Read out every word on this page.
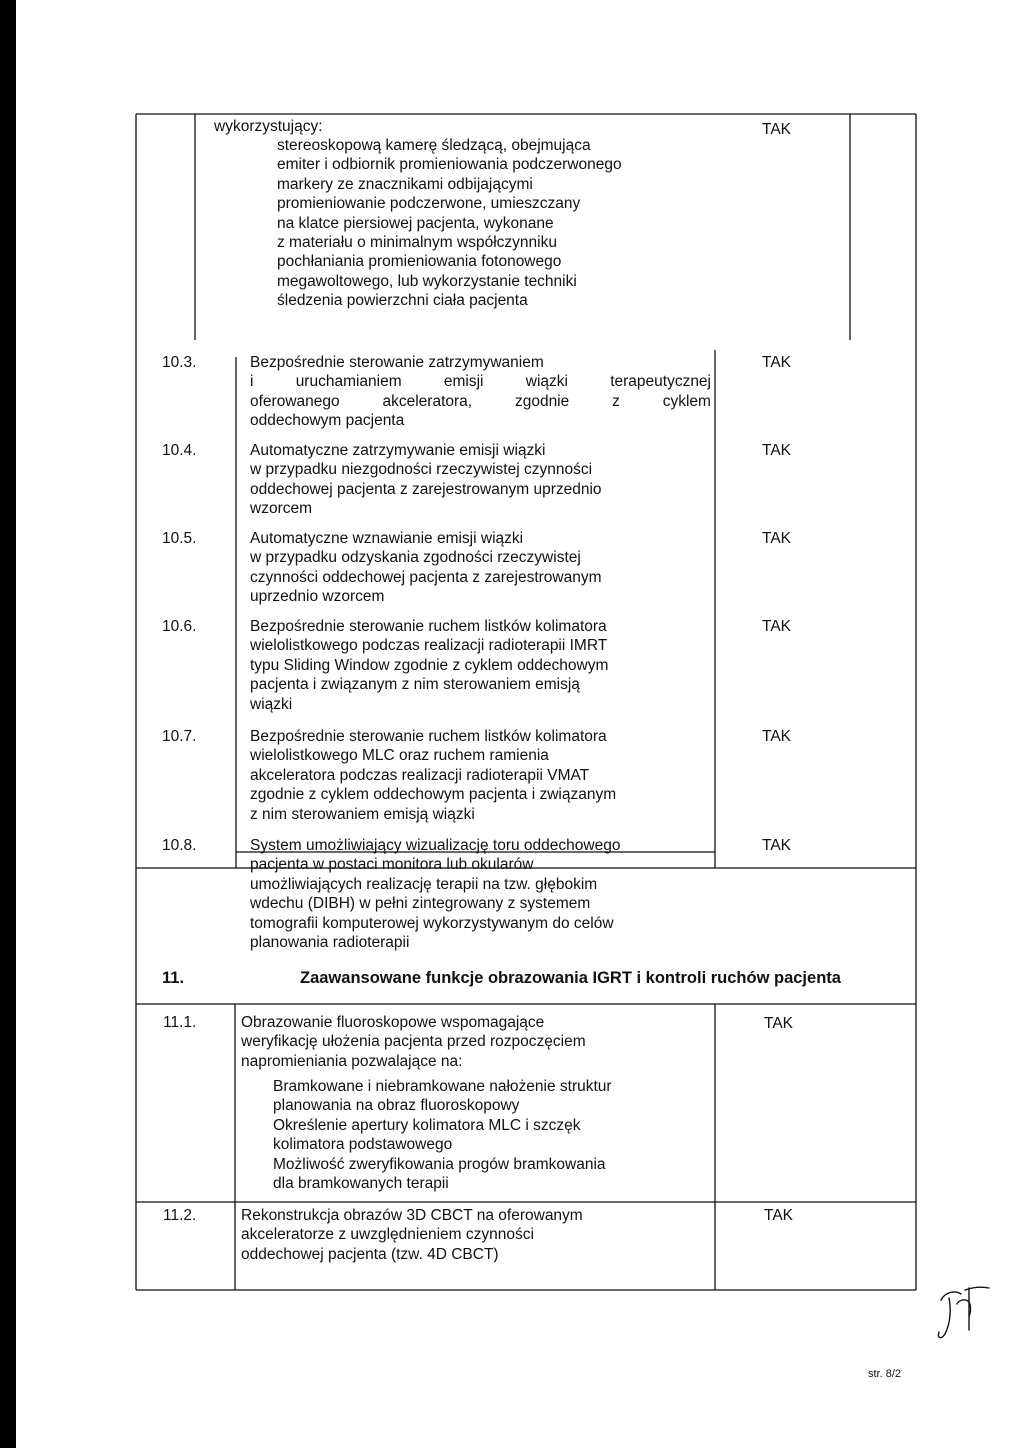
wykorzystujący:
stereoskopową kamerę śledzącą, obejmująca
emiter i odbiornik promieniowania podczerwonego
markery ze znacznikami odbijającymi
promieniowanie podczerwone, umieszczany
na klatce piersiowej pacjenta, wykonane
z materiału o minimalnym współczynniku
pochłaniania promieniowania fotonowego
megawoltowego, lub wykorzystanie techniki
śledzenia powierzchni ciała pacjenta
TAK
10.3.	Bezpośrednie sterowanie zatrzymywaniem
i	uruchamianiem	emisji	wiązki	terapeutycznej
oferowanego	akceleratora,	zgodnie	z	cyklem
oddechowym pacjenta
TAK
10.4.	Automatyczne zatrzymywanie emisji wiązki
w przypadku niezgodności rzeczywistej czynności
oddechowej pacjenta z zarejestrowanym uprzednio
wzorcem
TAK
10.5.	Automatyczne wznawianie emisji wiązki
w przypadku odzyskania zgodności rzeczywistej
czynności oddechowej pacjenta z zarejestrowanym
uprzednio wzorcem
TAK
10.6.	Bezpośrednie sterowanie ruchem listków kolimatora
wielolistkowego podczas realizacji radioterapii IMRT
typu Sliding Window zgodnie z cyklem oddechowym
pacjenta i związanym z nim sterowaniem emisją
wiązki
TAK
10.7.	Bezpośrednie sterowanie ruchem listków kolimatora
wielolistkowego MLC oraz ruchem ramienia
akceleratora podczas realizacji radioterapii VMAT
zgodnie z cyklem oddechowym pacjenta i związanym
z nim sterowaniem emisją wiązki
TAK
10.8.	System umożliwiający wizualizację toru oddechowego
pacjenta w postaci monitora lub okularów
umożliwiających realizację terapii na tzw. głębokim
wdechu (DIBH) w pełni zintegrowany z systemem
tomografii komputerowej wykorzystywanym do celów
planowania radioterapii
TAK
11.	Zaawansowane funkcje obrazowania IGRT i kontroli ruchów pacjenta
11.1.	Obrazowanie fluoroskopowe wspomagające
weryfikację ułożenia pacjenta przed rozpoczęciem
napromieniania pozwalające na:
Bramkowane i niebramkowane nałożenie struktur
planowania na obraz fluoroskopowy
Określenie apertury kolimatora MLC i szczęk
kolimatora podstawowego
Możliwość zweryfikowania progów bramkowania
dla bramkowanych terapii
TAK
11.2.	Rekonstrukcja obrazów 3D CBCT na oferowanym
akceleratorze z uwzględnieniem czynności
oddechowej pacjenta (tzw. 4D CBCT)
TAK
str. 8/2
